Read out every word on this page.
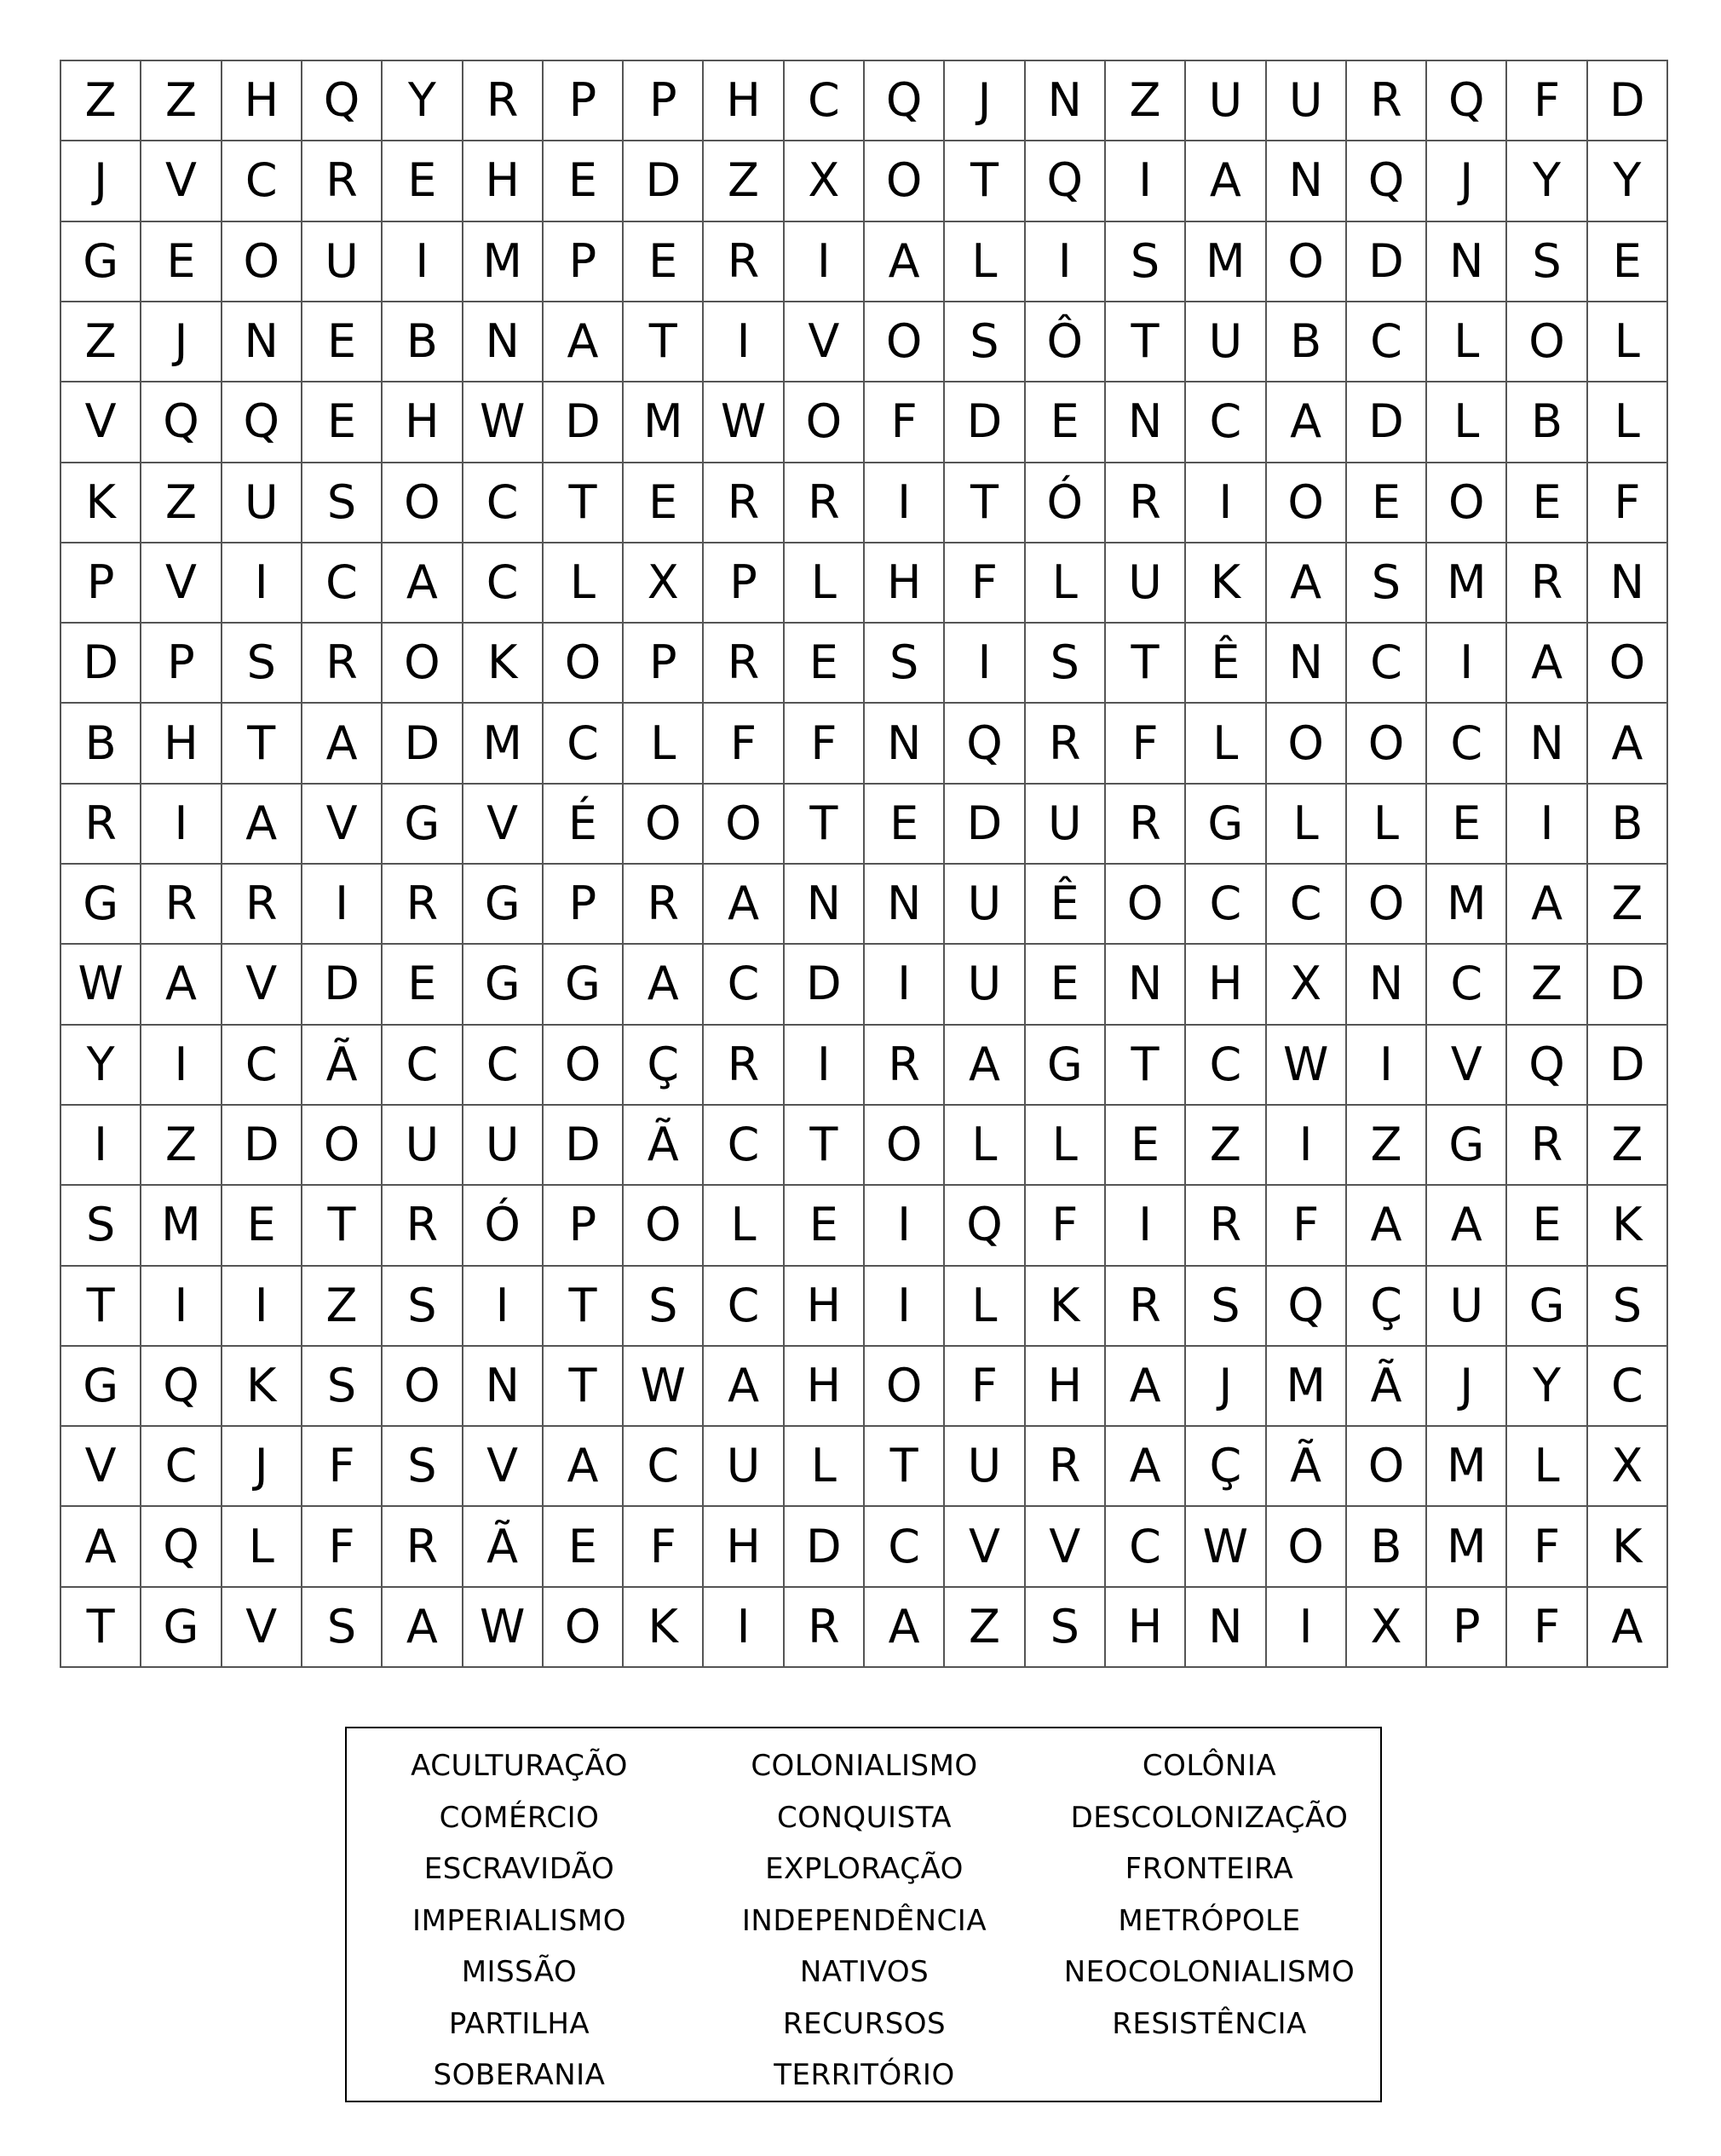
Z	Z	H Q	Y	R	P	P	H	C	Q	J	N	Z	U	U	R	Q	F	D
J	V	C	R	E	H	E	D	Z	X	O	T	Q	I	A	N Q	J	Y	Y
G	E	O U	I	M	P	E	R	I	A	L	I	S M O D N	S	E
Z	J	N	E	B	N	A	T	I	V	O	S	Ô	T	U	B	C	L	O	L
V	Q Q	E	H W D M W O	F	D	E	N	C	A	D	L	B	L
K	Z	U	S	O	C	T	E	R	R	I	T	Ó	R	I	O	E	O	E	F
P	V	I	C	A	C	L	X	P	L	H	F	L	U	K	A	S M R	N
D	P	S	R	O	K	O	P	R	E	S	I	S	T	Ê	N	C	I	A	O
B	H	T	A	D M C	L	F	F	N Q	R	F	L	O O	C	N	A
R	I	A	V	G	V	É	O O	T	E	D U	R	G	L	L	E	I	B
G	R	R	I	R	G	P	R	A	N N	U	Ê	O	C	C	O M A	Z
W A	V	D	E	G G	A	C	D	I	U	E	N H	X	N	C	Z	D
Y	I	C	Ã	C	C	O	Ç	R	I	R	A	G	T	C W	I	V	Q D
I	Z	D O U	U D	Ã	C	T	O	L	L	E	Z	I	Z	G	R	Z
S M E	T	R	Ó	P	O	L	E	I	Q	F	I	R	F	A	A	E	K
T	I	I	Z	S	I	T	S	C	H	I	L	K	R	S	Q	Ç	U G	S
G Q	K	S	O N	T W A	H O	F	H	A	J	M Ã	J	Y	C
V	C	J	F	S	V	A	C	U	L	T	U	R	A	Ç	Ã	O M	L	X
A	Q	L	F	R	Ã	E	F	H D	C	V	V	C W O	B M	F	K
T	G	V	S	A W O	K	I	R	A	Z	S	H N	I	X	P	F	A
ACULTURAÇÃO	COLONIALISMO	COLÔNIA
COMÉRCIO	CONQUISTA	DESCOLONIZAÇÃO
ESCRAVIDÃO	EXPLORAÇÃO	FRONTEIRA
IMPERIALISMO	INDEPENDÊNCIA	METRÓPOLE
MISSÃO	NATIVOS	NEOCOLONIALISMO
PARTILHA	RECURSOS	RESISTÊNCIA
SOBERANIA	TERRITÓRIO
